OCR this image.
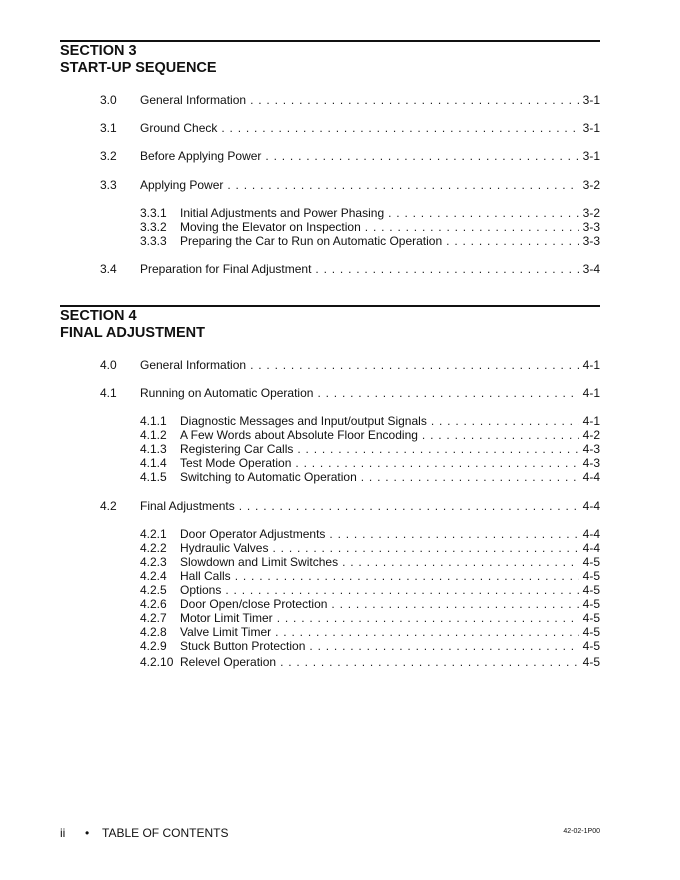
SECTION 3
START-UP SEQUENCE
3.0	General Information . . .	3-1
3.1	Ground Check . . .	3-1
3.2	Before Applying Power . . .	3-1
3.3	Applying Power . . .	3-2
3.3.1	Initial Adjustments and Power Phasing . . .	3-2
3.3.2	Moving the Elevator on Inspection . . .	3-3
3.3.3	Preparing the Car to Run on Automatic Operation . . .	3-3
3.4	Preparation for Final Adjustment . . .	3-4
SECTION 4
FINAL ADJUSTMENT
4.0	General Information . . .	4-1
4.1	Running on Automatic Operation . . .	4-1
4.1.1	Diagnostic Messages and Input/output Signals . . .	4-1
4.1.2	A Few Words about Absolute Floor Encoding . . .	4-2
4.1.3	Registering Car Calls . . .	4-3
4.1.4	Test Mode Operation . . .	4-3
4.1.5	Switching to Automatic Operation . . .	4-4
4.2	Final Adjustments . . .	4-4
4.2.1	Door Operator Adjustments . . .	4-4
4.2.2	Hydraulic Valves . . .	4-4
4.2.3	Slowdown and Limit Switches . . .	4-5
4.2.4	Hall Calls . . .	4-5
4.2.5	Options . . .	4-5
4.2.6	Door Open/close Protection . . .	4-5
4.2.7	Motor Limit Timer . . .	4-5
4.2.8	Valve Limit Timer . . .	4-5
4.2.9	Stuck Button Protection . . .	4-5
4.2.10 Relevel Operation . . .	4-5
ii • TABLE OF CONTENTS	42-02-1P00
